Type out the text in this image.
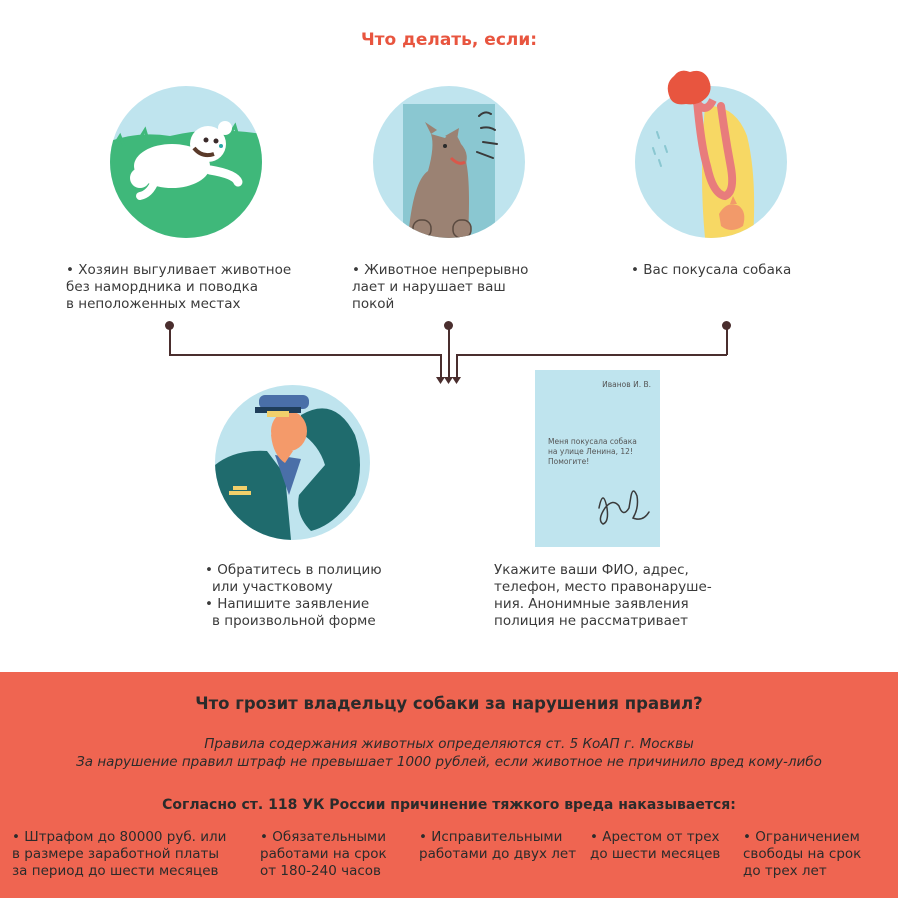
Что делать, если:
• Хозяин выгуливает животное
без намордника и поводка
в неположенных местах
• Животное непрерывно
лает и нарушает ваш
покой
• Вас покусала собака
Иванов И. В.
Меня покусала собака
на улице Ленина, 12!
Помогите!
• Обратитесь в полицию
или участковому
• Напишите заявление
в произвольной форме
Укажите ваши ФИО, адрес,
телефон, место правонаруше-
ния. Анонимные заявления
полиция не рассматривает
Что грозит владельцу собаки за нарушения правил?
Правила содержания животных определяются ст. 5 КоАП г. Москвы
За нарушение правил штраф не превышает 1000 рублей, если животное не причинило вред кому-либо
Согласно ст. 118 УК России причинение тяжкого вреда наказывается:
• Штрафом до 80000 руб. или
в размере заработной платы
за период до шести месяцев
• Обязательными
работами на срок
от 180-240 часов
• Исправительными
работами до двух лет
• Арестом от трех
до шести месяцев
• Ограничением
свободы на срок
до трех лет
